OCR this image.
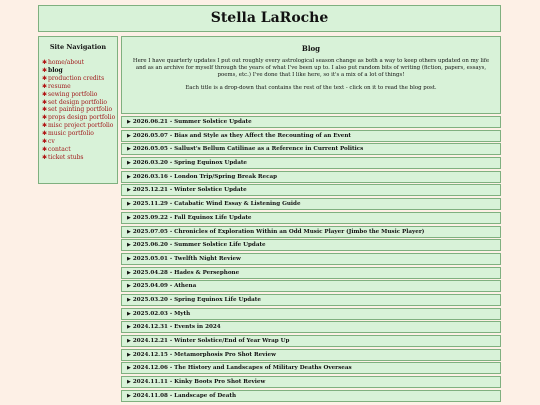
Stella LaRoche
Site Navigation
✱home/about
✱blog
✱production credits
✱resume
✱sewing portfolio
✱set design portfolio
✱set painting portfolio
✱props design portfolio
✱misc project portfolio
✱music portfolio
✱cv
✱contact
✱ticket stubs
Blog

Here I have quarterly updates I put out roughly every astrological season change as both a way to keep others updated on my life and as an archive for myself through the years of what I've been up to. I also put random bits of writing (fiction, papers, essays, poems, etc.) I've done that I like here, so it's a mix of a lot of things!

Each title is a drop-down that contains the rest of the text - click on it to read the blog post.

▶ 2026.06.21 - Summer Solstice Update
▶ 2026.05.07 - Bias and Style as they Affect the Recounting of an Event
▶ 2026.05.05 - Sallust's Bellum Catilinae as a Reference in Current Politics
▶ 2026.03.20 - Spring Equinox Update
▶ 2026.03.16 - London Trip/Spring Break Recap
▶ 2025.12.21 - Winter Solstice Update
▶ 2025.11.29 - Catabatic Wind Essay & Listening Guide
▶ 2025.09.22 - Fall Equinox Life Update
▶ 2025.07.05 - Chronicles of Exploration Within an Odd Music Player (Jimbo the Music Player)
▶ 2025.06.20 - Summer Solstice Life Update
▶ 2025.05.01 - Twelfth Night Review
▶ 2025.04.28 - Hades & Persephone
▶ 2025.04.09 - Athena
▶ 2025.03.20 - Spring Equinox Life Update
▶ 2025.02.03 - Myth
▶ 2024.12.31 - Events in 2024
▶ 2024.12.21 - Winter Solstice/End of Year Wrap Up
▶ 2024.12.15 - Metamorphosis Pro Shot Review
▶ 2024.12.06 - The History and Landscapes of Military Deaths Overseas
▶ 2024.11.11 - Kinky Boots Pro Shot Review
▶ 2024.11.08 - Landscape of Death
